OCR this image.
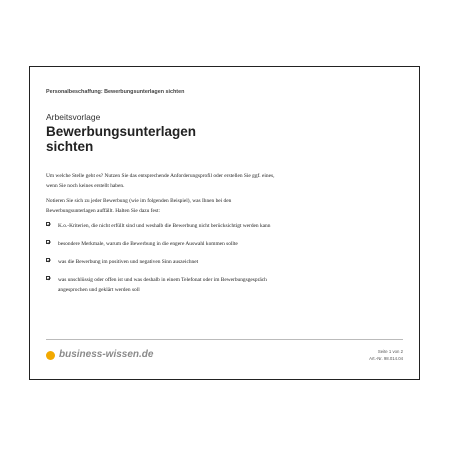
Personalbeschaffung: Bewerbungsunterlagen sichten
Arbeitsvorlage
Bewerbungsunterlagen sichten

Um welche Stelle geht es? Nutzen Sie das entsprechende Anforderungsprofil oder erstellen Sie ggf. eines, wenn Sie noch keines erstellt haben.

Notieren Sie sich zu jeder Bewerbung (wie im folgenden Beispiel), was Ihnen bei den Bewerbungsunterlagen auffällt. Halten Sie dazu fest:

K.o.-Kriterien, die nicht erfüllt sind und weshalb die Bewerbung nicht berücksichtigt werden kann
besondere Merkmale, warum die Bewerbung in die engere Auswahl kommen sollte
was die Bewerbung im positiven und negativen Sinn auszeichnet
was unschlüssig oder offen ist und was deshalb in einem Telefonat oder im Bewerbungsgespräch angesprochen und geklärt werden soll
business-wissen.de	Seite 1 von 2
Art.-Nr. 98.014.04
